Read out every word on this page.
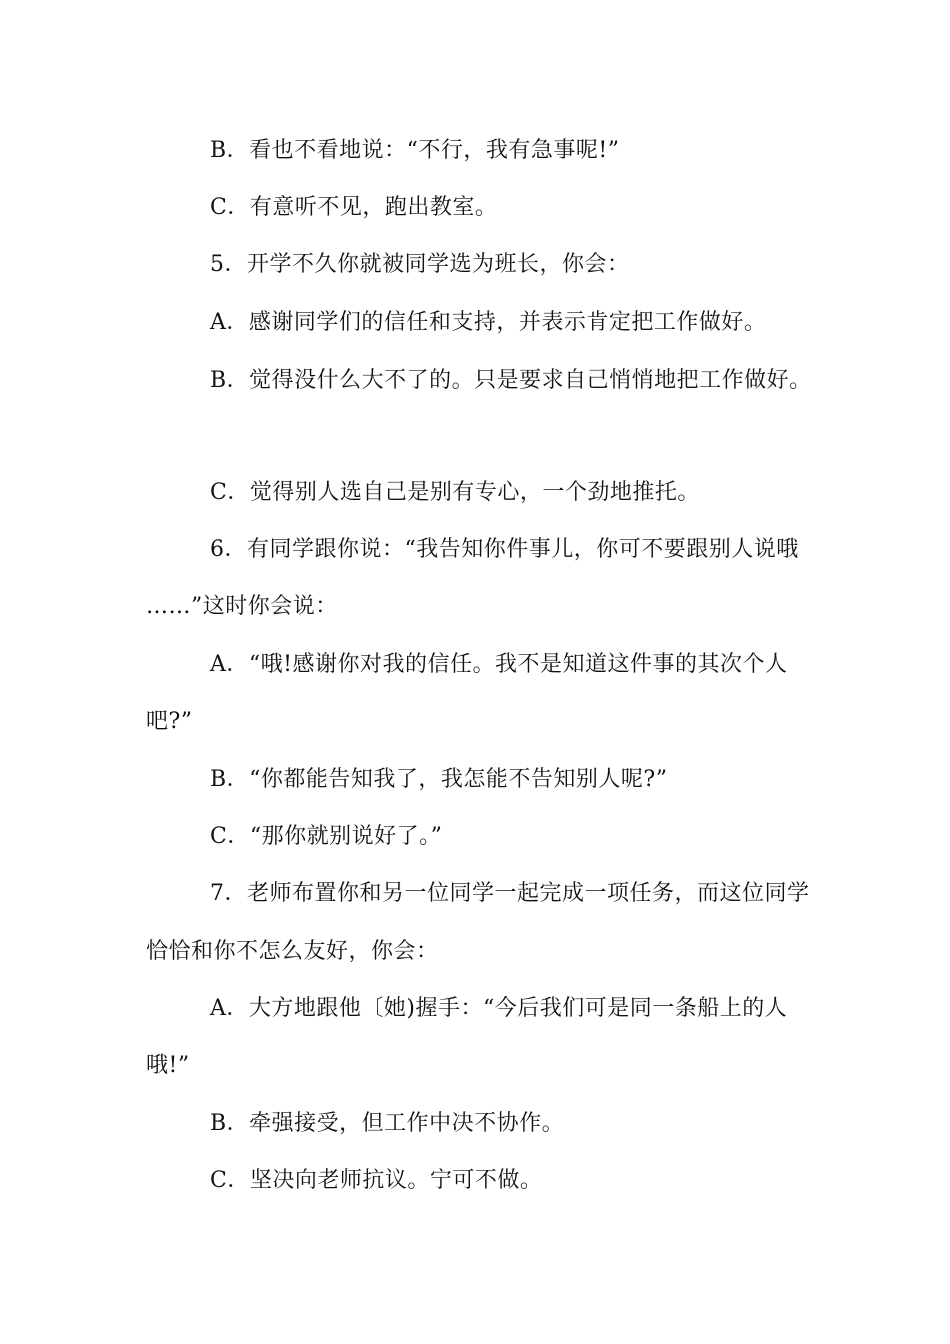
B．看也不看地说：“不行，我有急事呢!”
C．有意听不见，跑出教室。
5．开学不久你就被同学选为班长，你会：
A．感谢同学们的信任和支持，并表示肯定把工作做好。
B．觉得没什么大不了的。只是要求自己悄悄地把工作做好。
C．觉得别人选自己是别有专心，一个劲地推托。
6．有同学跟你说：“我告知你件事儿，你可不要跟别人说哦
……”这时你会说：
A．“哦!感谢你对我的信任。我不是知道这件事的其次个人
吧?”
B．“你都能告知我了，我怎能不告知别人呢?”
C．“那你就别说好了。”
7．老师布置你和另一位同学一起完成一项任务，而这位同学
恰恰和你不怎么友好，你会：
A．大方地跟他〔她)握手：“今后我们可是同一条船上的人
哦!”
B．牵强接受，但工作中决不协作。
C．坚决向老师抗议。宁可不做。
